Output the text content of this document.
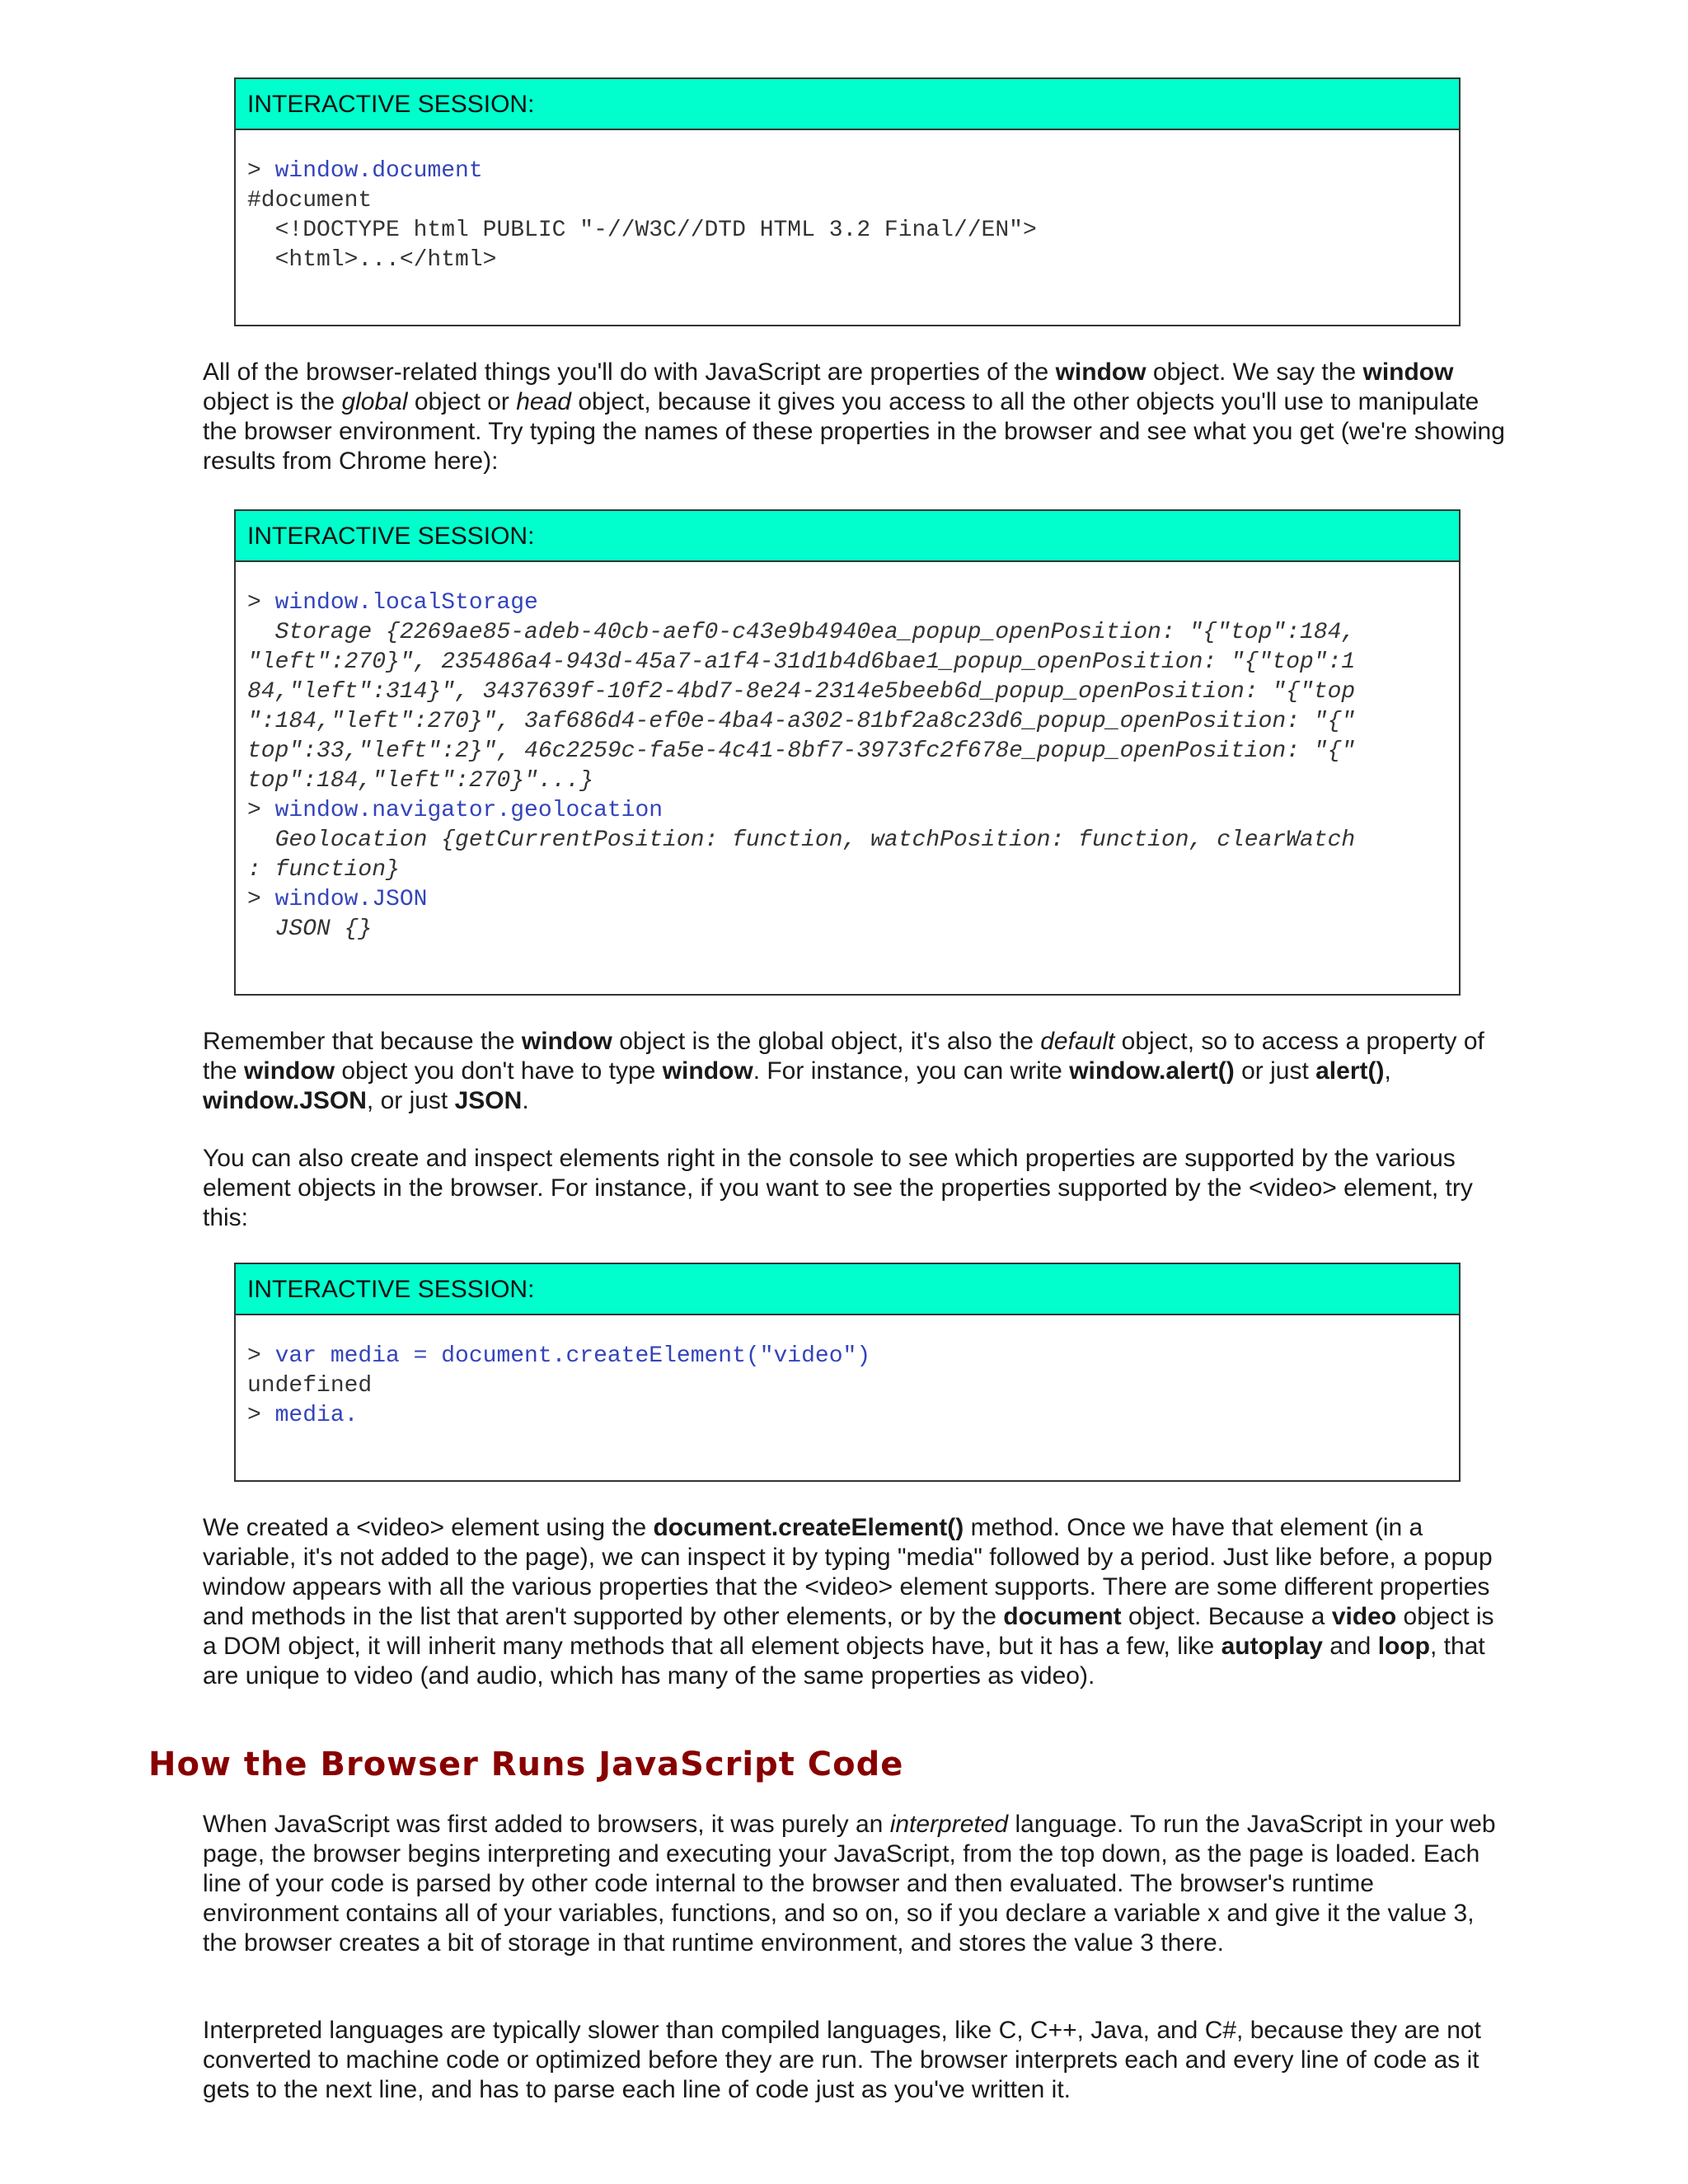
INTERACTIVE SESSION:
> window.document
#document
<!DOCTYPE html PUBLIC "-//W3C//DTD HTML 3.2 Final//EN">
<html>...</html>

All of the browser-related things you'll do with JavaScript are properties of the window object. We say the window object is the global object or head object, because it gives you access to all the other objects you'll use to manipulate the browser environment. Try typing the names of these properties in the browser and see what you get (we're showing results from Chrome here):

INTERACTIVE SESSION:
> window.localStorage
Storage {2269ae85-adeb-40cb-aef0-c43e9b4940ea_popup_openPosition: "{"top":184,
"left":270}", 235486a4-943d-45a7-a1f4-31d1b4d6bae1_popup_openPosition: "{"top":1
84,"left":314}", 3437639f-10f2-4bd7-8e24-2314e5beeb6d_popup_openPosition: "{"top
":184,"left":270}", 3af686d4-ef0e-4ba4-a302-81bf2a8c23d6_popup_openPosition: "{"
top":33,"left":2}", 46c2259c-fa5e-4c41-8bf7-3973fc2f678e_popup_openPosition: "{"
top":184,"left":270}"...}
> window.navigator.geolocation
Geolocation {getCurrentPosition: function, watchPosition: function, clearWatch
: function}
> window.JSON
JSON {}

Remember that because the window object is the global object, it's also the default object, so to access a property of the window object you don't have to type window. For instance, you can write window.alert() or just alert(), window.JSON, or just JSON.

You can also create and inspect elements right in the console to see which properties are supported by the various element objects in the browser. For instance, if you want to see the properties supported by the <video> element, try this:

INTERACTIVE SESSION:
> var media = document.createElement("video")
undefined
> media.

We created a <video> element using the document.createElement() method. Once we have that element (in a variable, it's not added to the page), we can inspect it by typing "media" followed by a period. Just like before, a popup window appears with all the various properties that the <video> element supports. There are some different properties and methods in the list that aren't supported by other elements, or by the document object. Because a video object is a DOM object, it will inherit many methods that all element objects have, but it has a few, like autoplay and loop, that are unique to video (and audio, which has many of the same properties as video).

How the Browser Runs JavaScript Code

When JavaScript was first added to browsers, it was purely an interpreted language. To run the JavaScript in your web page, the browser begins interpreting and executing your JavaScript, from the top down, as the page is loaded. Each line of your code is parsed by other code internal to the browser and then evaluated. The browser's runtime environment contains all of your variables, functions, and so on, so if you declare a variable x and give it the value 3, the browser creates a bit of storage in that runtime environment, and stores the value 3 there.

Interpreted languages are typically slower than compiled languages, like C, C++, Java, and C#, because they are not converted to machine code or optimized before they are run. The browser interprets each and every line of code as it gets to the next line, and has to parse each line of code just as you've written it.
